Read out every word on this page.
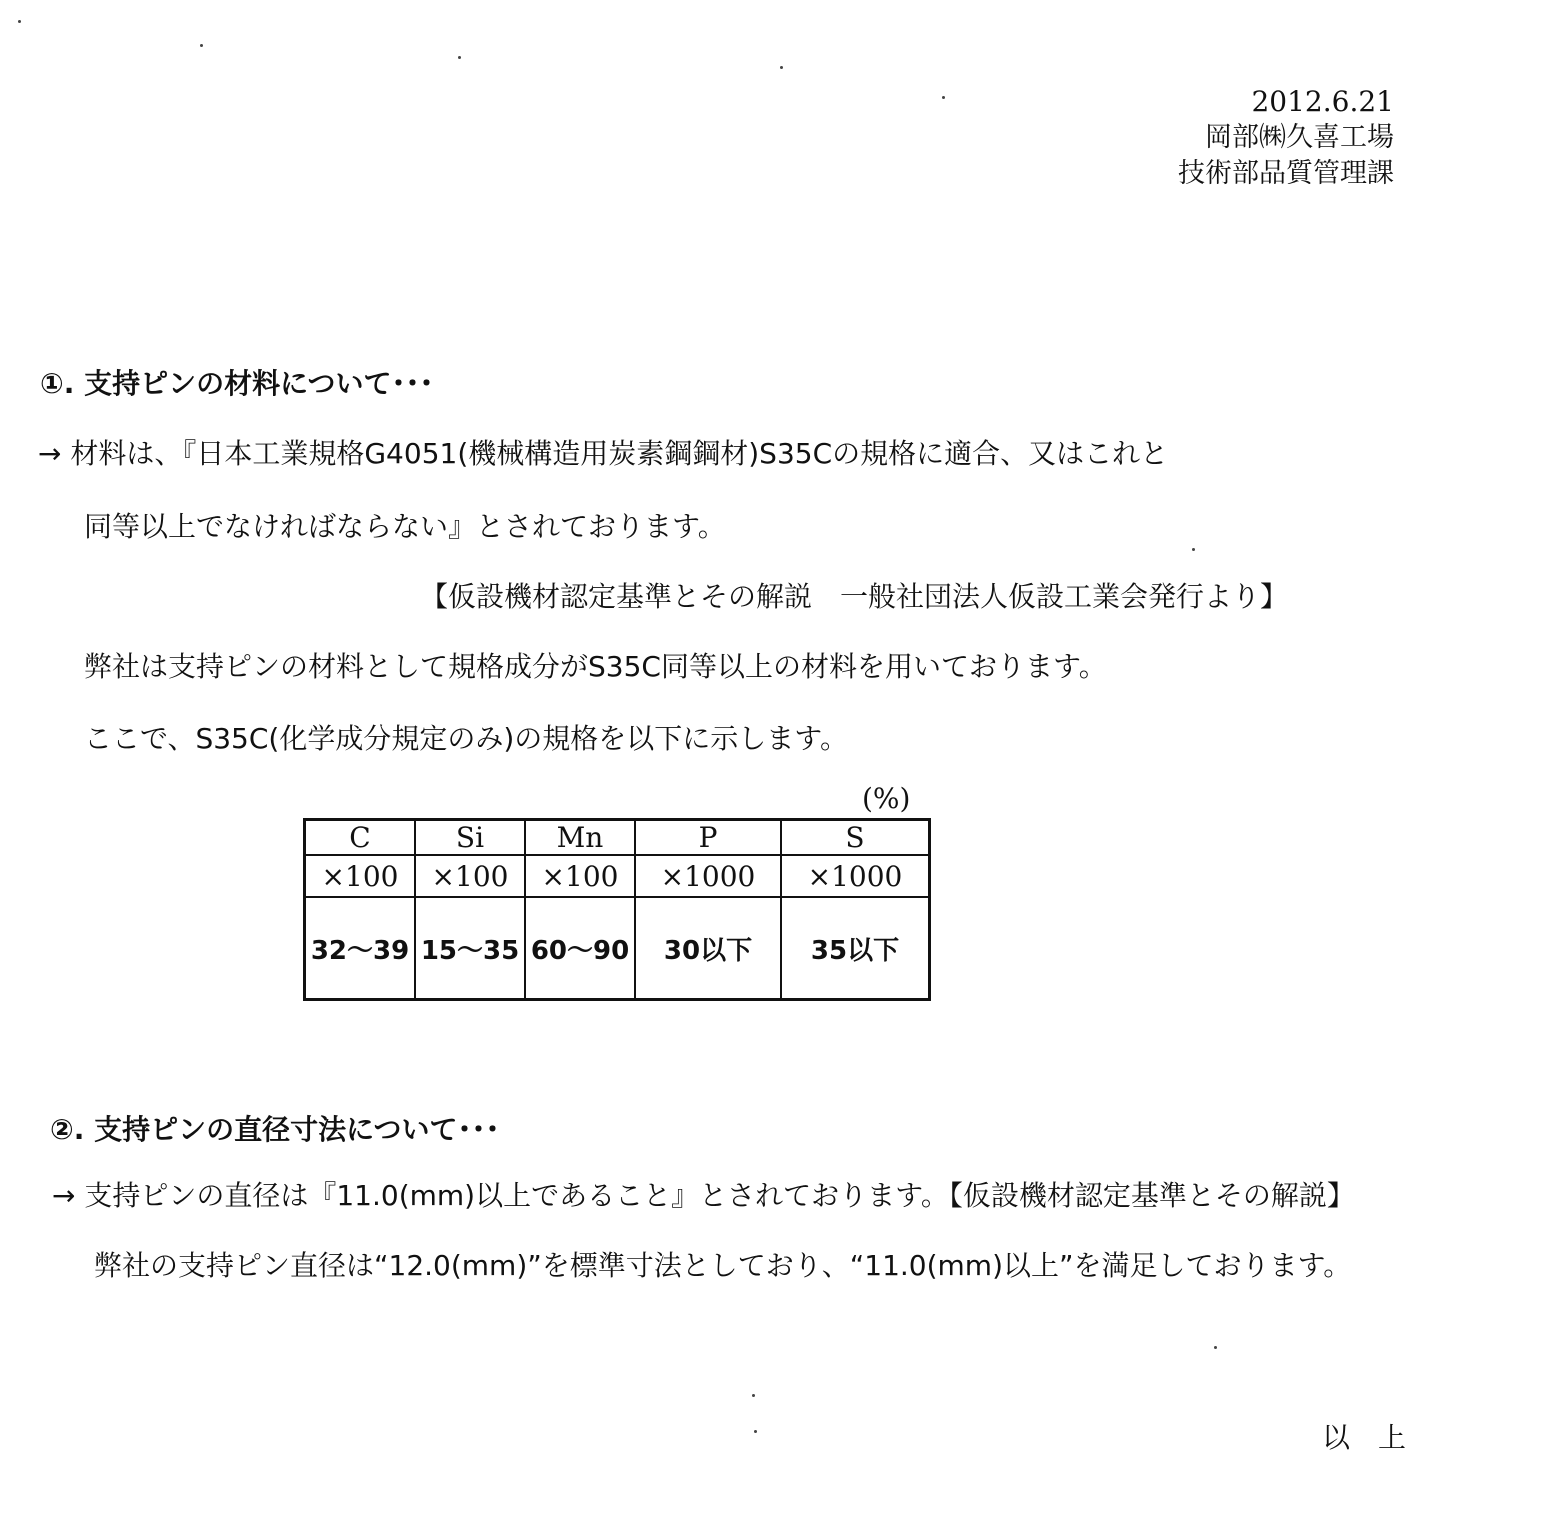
2012.6.21
岡部㈱久喜工場
技術部品質管理課
①. 支持ピンの材料について･･･
→ 材料は、『日本工業規格G4051(機械構造用炭素鋼鋼材)S35Cの規格に適合、又はこれと
同等以上でなければならない』とされております。
【仮設機材認定基準とその解説　一般社団法人仮設工業会発行より】
弊社は支持ピンの材料として規格成分がS35C同等以上の材料を用いております。
ここで、S35C(化学成分規定のみ)の規格を以下に示します。
(%)
C	Si	Mn	P	S
×100	×100	×100	×1000	×1000
32～39	15～35	60～90	30以下	35以下
②. 支持ピンの直径寸法について･･･
→ 支持ピンの直径は『11.0(mm)以上であること』とされております。【仮設機材認定基準とその解説】
弊社の支持ピン直径は“12.0(mm)”を標準寸法としており、“11.0(mm)以上”を満足しております。
以　上
